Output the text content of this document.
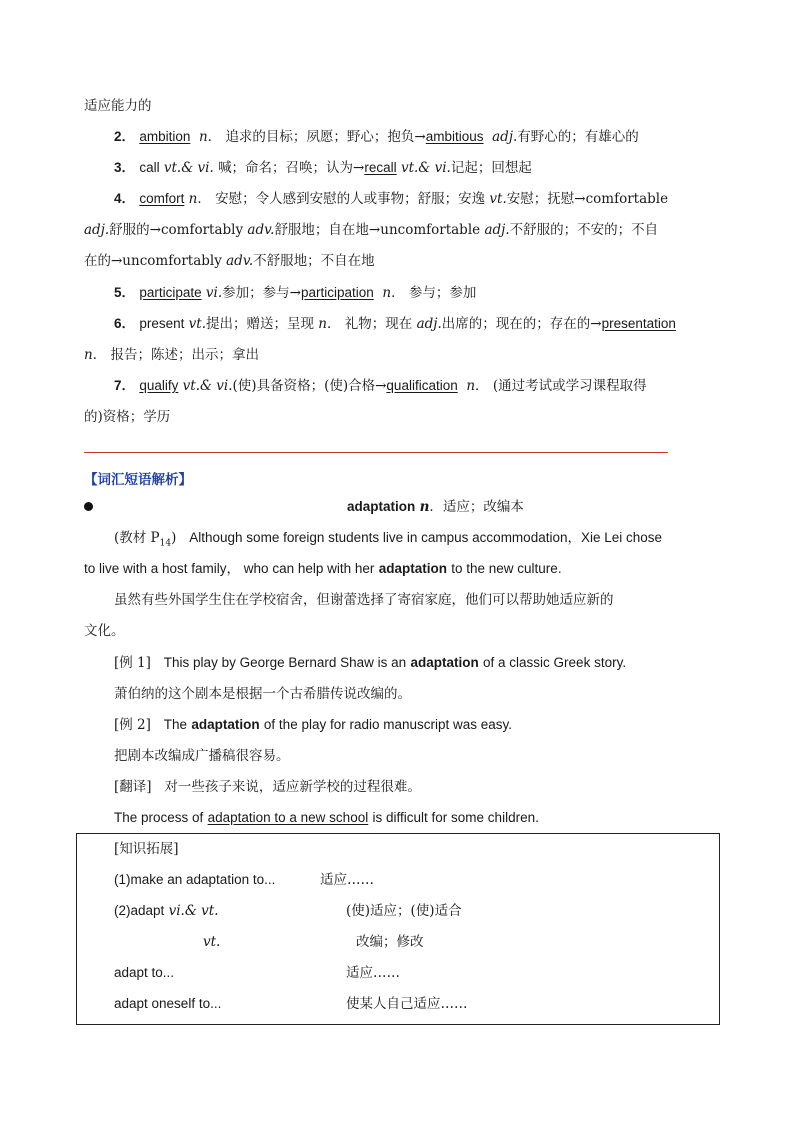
适应能力的
2． ambition n． 追求的目标；夙愿；野心；抱负→ambitious adj.有野心的；有雄心的
3． call vt.& vi. 喊；命名；召唤；认为→recall vt.& vi.记起；回想起
4． comfort n． 安慰；令人感到安慰的人或事物；舒服；安逸 vt.安慰；抚慰→comfortable
adj.舒服的→comfortably adv.舒服地；自在地→uncomfortable adj.不舒服的；不安的；不自
在的→uncomfortably adv.不舒服地；不自在地
5． participate vi.参加；参与→participation n． 参与；参加
6． present vt.提出；赠送；呈现 n． 礼物；现在 adj.出席的；现在的；存在的→presentation
n． 报告；陈述；出示；拿出
7． qualify vt.& vi.(使)具备资格；(使)合格→qualification n． (通过考试或学习课程取得
的)资格；学历
【词汇短语解析】
adaptation n．适应；改编本
(教材 $P_{14}$) Although some foreign students live in campus accommodation，Xie Lei chose
to live with a host family， who can help with her adaptation to the new culture.
虽然有些外国学生住在学校宿舍，但谢蕾选择了寄宿家庭，他们可以帮助她适应新的
文化。
[例 1] This play by George Bernard Shaw is an adaptation of a classic Greek story.
萧伯纳的这个剧本是根据一个古希腊传说改编的。
[例 2] The adaptation of the play for radio manuscript was easy.
把剧本改编成广播稿很容易。
[翻译] 对一些孩子来说，适应新学校的过程很难。
The process of adaptation to a new school is difficult for some children.
[知识拓展]
(1)make an adaptation to...	适应……
(2)adapt vi.& vt.	(使)适应；(使)适合
vt.	改编；修改
adapt to...	适应……
adapt oneself to...	使某人自己适应……
